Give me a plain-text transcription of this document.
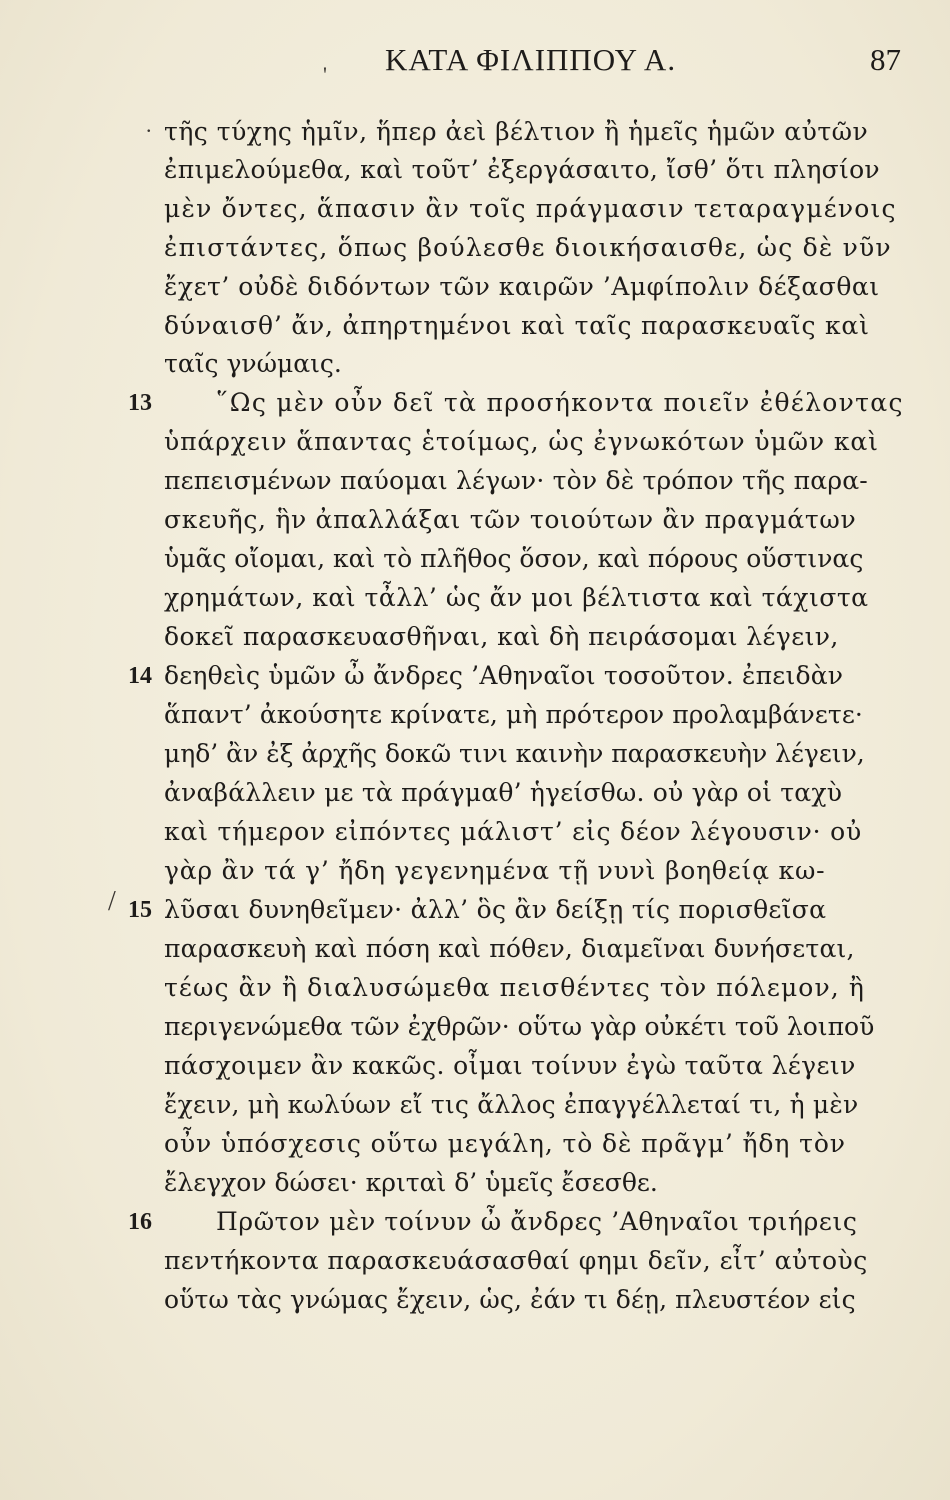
ΚΑΤΑ ΦΙΛΙΠΠΟΥ Α.	87
'
.
/
τῆς τύχης ἡμῖν, ἥπερ ἀεὶ βέλτιον ἢ ἡμεῖς ἡμῶν αὐτῶν
ἐπιμελούμεθα, καὶ τοῦτ’ ἐξεργάσαιτο, ἴσθ’ ὅτι πλησίον
μὲν ὄντες, ἅπασιν ἂν τοῖς πράγμασιν τεταραγμένοις
ἐπιστάντες, ὅπως βούλεσθε διοικήσαισθε, ὡς δὲ νῦν
ἔχετ’ οὐδὲ διδόντων τῶν καιρῶν ’Αμφίπολιν δέξασθαι
δύναισθ’ ἄν, ἀπηρτημένοι καὶ ταῖς παρασκευαῖς καὶ
ταῖς γνώμαις.
13	῞Ως μὲν οὖν δεῖ τὰ προσήκοντα ποιεῖν ἐθέλοντας
ὑπάρχειν ἅπαντας ἑτοίμως, ὡς ἐγνωκότων ὑμῶν καὶ
πεπεισμένων παύομαι λέγων· τὸν δὲ τρόπον τῆς παρα-
σκευῆς, ἣν ἀπαλλάξαι τῶν τοιούτων ἂν πραγμάτων
ὑμᾶς οἴομαι, καὶ τὸ πλῆθος ὅσον, καὶ πόρους οὕστινας
χρημάτων, καὶ τἆλλ’ ὡς ἄν μοι βέλτιστα καὶ τάχιστα
δοκεῖ παρασκευασθῆναι, καὶ δὴ πειράσομαι λέγειν,
14 δεηθεὶς ὑμῶν ὦ ἄνδρες ’Αθηναῖοι τοσοῦτον. ἐπειδὰν
ἅπαντ’ ἀκούσητε κρίνατε, μὴ πρότερον προλαμβάνετε·
μηδ’ ἂν ἐξ ἀρχῆς δοκῶ τινι καινὴν παρασκευὴν λέγειν,
ἀναβάλλειν με τὰ πράγμαθ’ ἡγείσθω. οὐ γὰρ οἱ ταχὺ
καὶ τήμερον εἰπόντες μάλιστ’ εἰς δέον λέγουσιν· οὐ
γὰρ ἂν τά γ’ ἤδη γεγενημένα τῇ νυνὶ βοηθείᾳ κω-
15 λῦσαι δυνηθεῖμεν· ἀλλ’ ὃς ἂν δείξῃ τίς πορισθεῖσα
παρασκευὴ καὶ πόση καὶ πόθεν, διαμεῖναι δυνήσεται,
τέως ἂν ἢ διαλυσώμεθα πεισθέντες τὸν πόλεμον, ἢ
περιγενώμεθα τῶν ἐχθρῶν· οὕτω γὰρ οὐκέτι τοῦ λοιποῦ
πάσχοιμεν ἂν κακῶς. οἶμαι τοίνυν ἐγὼ ταῦτα λέγειν
ἔχειν, μὴ κωλύων εἴ τις ἄλλος ἐπαγγέλλεταί τι, ἡ μὲν
οὖν ὑπόσχεσις οὕτω μεγάλη, τὸ δὲ πρᾶγμ’ ἤδη τὸν
ἔλεγχον δώσει· κριταὶ δ’ ὑμεῖς ἔσεσθε.
16	Πρῶτον μὲν τοίνυν ὦ ἄνδρες ’Αθηναῖοι τριήρεις
πεντήκοντα παρασκευάσασθαί φημι δεῖν, εἶτ’ αὐτοὺς
οὕτω τὰς γνώμας ἔχειν, ὡς, ἐάν τι δέῃ, πλευστέον εἰς
